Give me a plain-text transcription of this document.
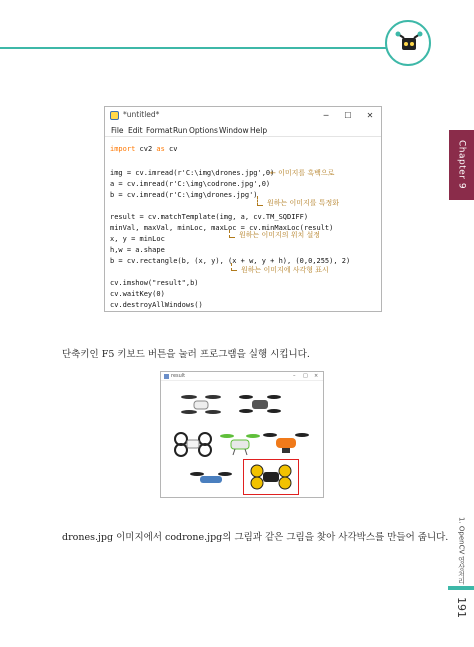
Chapter 9
*untitled*	─	☐	✕
File Edit Format Run Options Window Help
import cv2 as cv
img = cv.imread(r'C:\img\drones.jpg',0)
a = cv.imread(r'C:\img\codrone.jpg',0)
b = cv.imread(r'C:\img\drones.jpg')
result = cv.matchTemplate(img, a, cv.TM_SQDIFF)
minVal, maxVal, minLoc, maxLoc = cv.minMaxLoc(result)
x, y = minLoc
h,w = a.shape
b = cv.rectangle(b, (x, y), (x + w, y + h), (0,0,255), 2)
cv.imshow("result",b)
cv.waitKey(0)
cv.destroyAllWindows()
← 이미지를 흑백으로
원하는 이미지를 특정화
원하는 이미지의 위치 설정
원하는 이미지에 사각형 표시
단축키인 F5 키보드 버튼을 눌러 프로그램을 실행 시킵니다.
result	– □ ×
drones.jpg 이미지에서 codrone.jpg의 그림과 같은 그림을 찾아 사각박스를 만들어 줍니다.	1. OpenCV 영상처리
191
